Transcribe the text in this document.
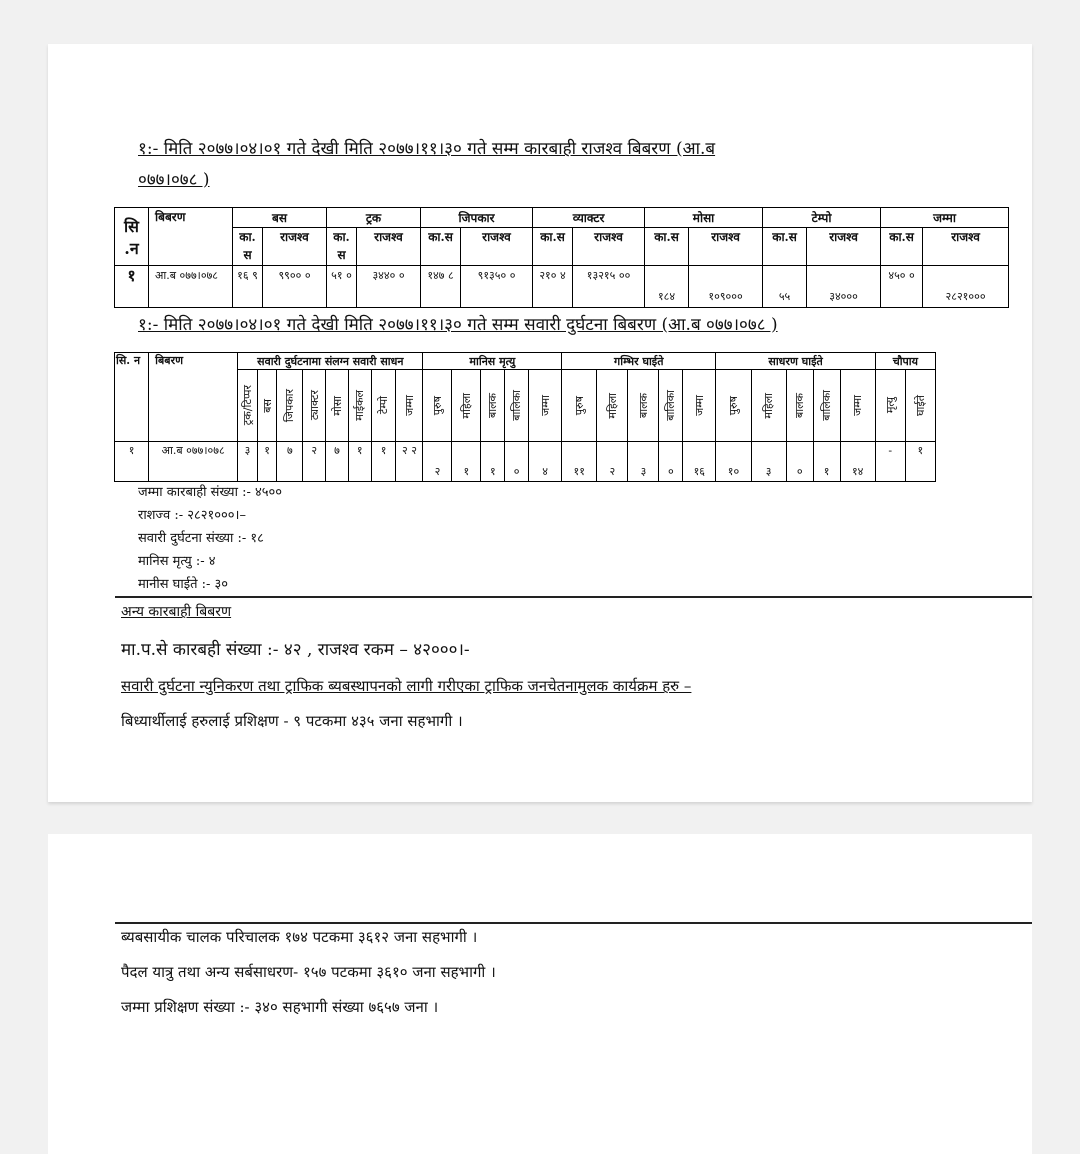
१:- मिति २०७७।०४।०१ गते देखी मिति २०७७।११।३० गते सम्म कारबाही राजश्व बिबरण (आ.ब
०७७।०७८ )
सि .न	बिबरण	बस		ट्रक		जिपकार		व्याक्टर		मोसा		टेम्पो		जम्मा	
		का. स	राजश्व	का. स	राजश्व	का.स	राजश्व	का.स	राजश्व	का.स	राजश्व	का.स	राजश्व	का.स	राजश्व
१	आ.ब ०७७।०७८	१६ ९	९९०० ०	५१ ०	३४४० ०	१४७ ८	९१३५० ०	२१० ४	१३२१५ ००	१८४	१०९०००	५५	३४०००	४५० ०	२८२१०००
१:- मिति २०७७।०४।०१ गते देखी मिति २०७७।११।३० गते सम्म सवारी दुर्घटना बिबरण (आ.ब ०७७।०७८ )
सि. न	बिबरण	सवारी दुर्घटनामा संलग्न सवारी साधन								मानिस मृत्यु					गम्भिर घाईते					साधरण घाईते					चौपाय	

		ट्रक/टिप्पर	बस	जिपकार	ट्याक्टर	मोसा	माईकल	टेम्पो	जम्मा	पुरुष	महिला	बालक	बालिका	जम्मा	पुरुष	महिला	बालक	बालिका	जम्मा	पुरुष	महिला	बालक	बालिका	जम्मा	मृत्यु	घाईते

१	आ.ब ०७७।०७८	३	१	७	२	७	१	१	२ २	२	१	१	०	४	११	२	३	०	१६	१०	३	०	१	१४	-	१
जम्मा कारबाही संख्या :- ४५००
राशज्व :- २८२१०००।–
सवारी दुर्घटना संख्या :- १८
मानिस मृत्यु :- ४
मानीस घाईते :- ३०
अन्य कारबाही बिबरण
मा.प.से कारबही संख्या :- ४२ , राजश्व रकम – ४२०००।-
सवारी दुर्घटना न्युनिकरण तथा ट्राफिक ब्यबस्थापनको लागी गरीएका ट्राफिक जनचेतनामुलक कार्यक्रम हरु –
बिध्यार्थीलाई हरुलाई प्रशिक्षण - ९ पटकमा ४३५ जना सहभागी ।
ब्यबसायीक चालक परिचालक १७४ पटकमा ३६१२ जना सहभागी ।
पैदल यात्रु तथा अन्य सर्बसाधरण- १५७ पटकमा ३६१० जना सहभागी ।
जम्मा प्रशिक्षण संख्या :- ३४० सहभागी संख्या ७६५७ जना ।
